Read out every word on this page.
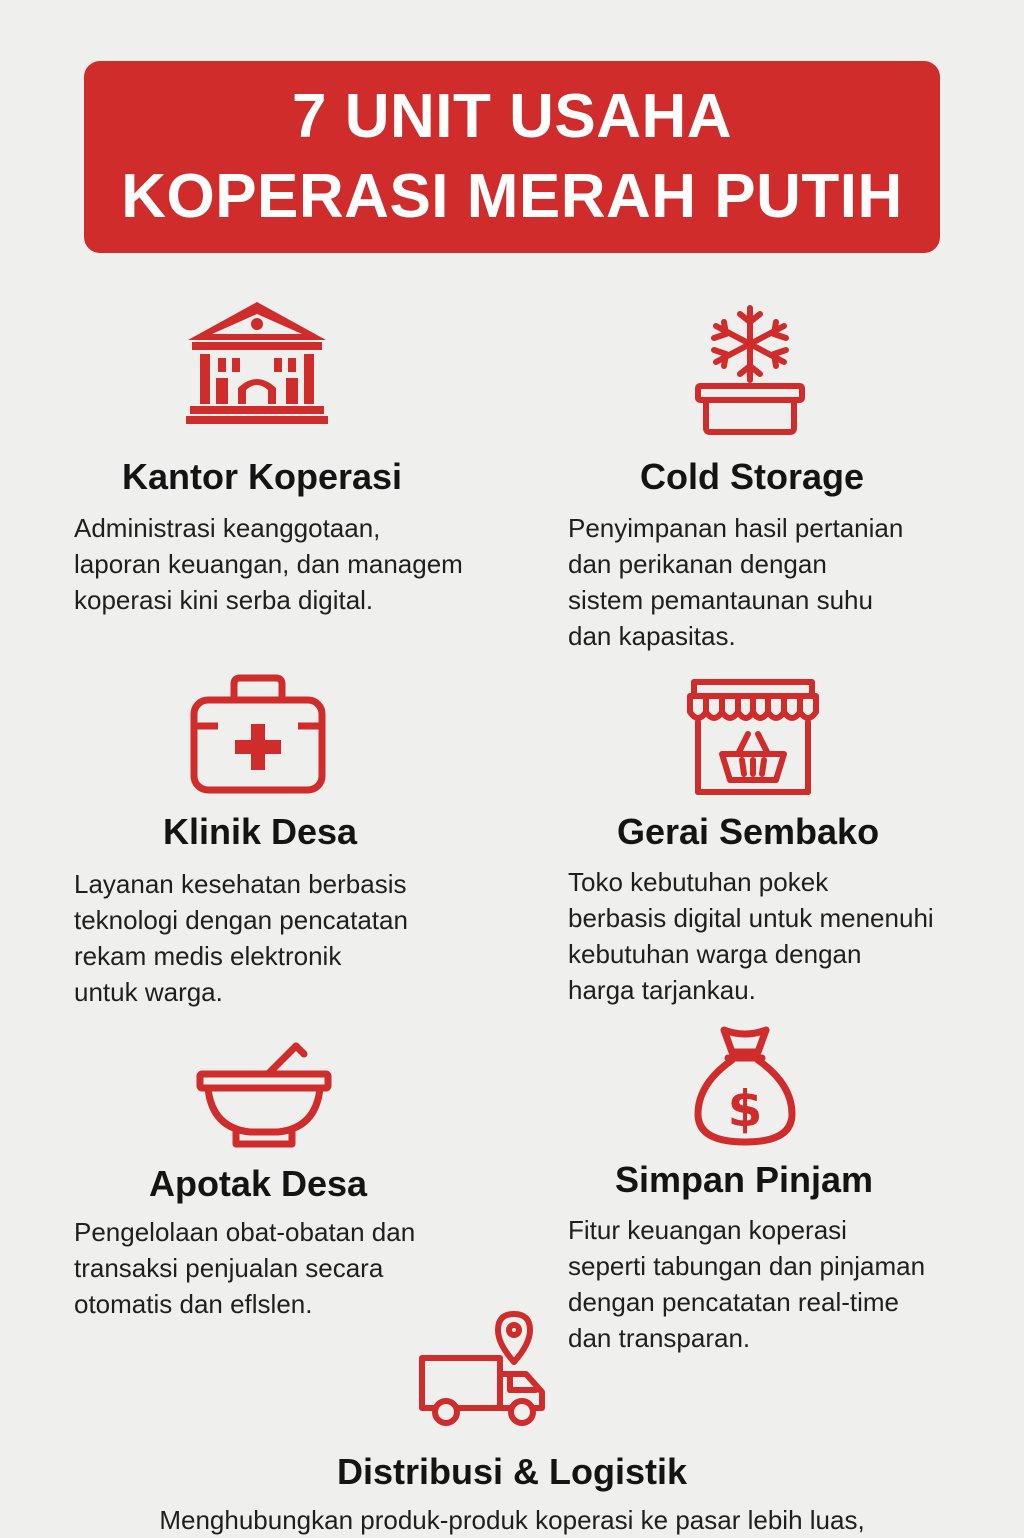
7 UNIT USAHA
KOPERASI MERAH PUTIH
Kantor Koperasi
Administrasi keanggotaan,
laporan keuangan, dan managem
koperasi kini serba digital.
Cold Storage
Penyimpanan hasil pertanian
dan perikanan dengan
sistem pemantaunan suhu
dan kapasitas.
Klinik Desa
Layanan kesehatan berbasis
teknologi dengan pencatatan
rekam medis elektronik
untuk warga.
Gerai Sembako
Toko kebutuhan pokek
berbasis digital untuk menenuhi
kebutuhan warga dengan
harga tarjankau.
Apotak Desa
Pengelolaan obat-obatan dan
transaksi penjualan secara
otomatis dan eflslen.
$
Simpan Pinjam
Fitur keuangan koperasi
seperti tabungan dan pinjaman
dengan pencatatan real-time
dan transparan.
Distribusi & Logistik
Menghubungkan produk-produk koperasi ke pasar lebih luas,
